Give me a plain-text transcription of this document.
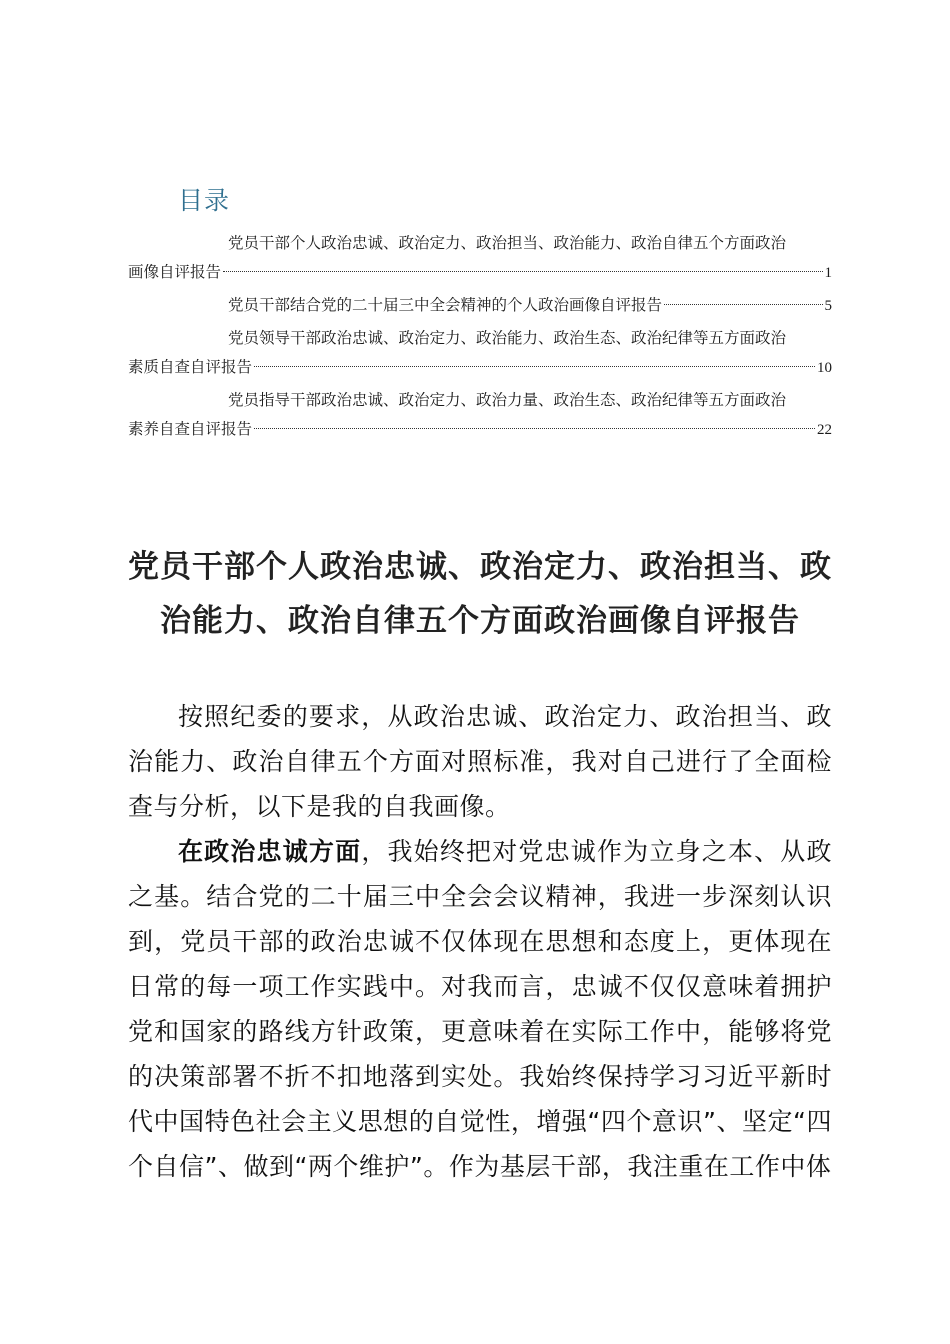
目录
党员干部个人政治忠诚、政治定力、政治担当、政治能力、政治自律五个方面政治
画像自评报告	1
党员干部结合党的二十届三中全会精神的个人政治画像自评报告	5
党员领导干部政治忠诚、政治定力、政治能力、政治生态、政治纪律等五方面政治
素质自查自评报告	10
党员指导干部政治忠诚、政治定力、政治力量、政治生态、政治纪律等五方面政治
素养自查自评报告	22
党员干部个人政治忠诚、政治定力、政治担当、政治能力、政治自律五个方面政治画像自评报告

按照纪委的要求，从政治忠诚、政治定力、政治担当、政治能力、政治自律五个方面对照标准，我对自己进行了全面检查与分析，以下是我的自我画像。

在政治忠诚方面，我始终把对党忠诚作为立身之本、从政之基。结合党的二十届三中全会会议精神，我进一步深刻认识到，党员干部的政治忠诚不仅体现在思想和态度上，更体现在日常的每一项工作实践中。对我而言，忠诚不仅仅意味着拥护党和国家的路线方针政策，更意味着在实际工作中，能够将党的决策部署不折不扣地落到实处。我始终保持学习习近平新时代中国特色社会主义思想的自觉性，增强“四个意识”、坚定“四个自信”、做到“两个维护”。作为基层干部，我注重在工作中体
